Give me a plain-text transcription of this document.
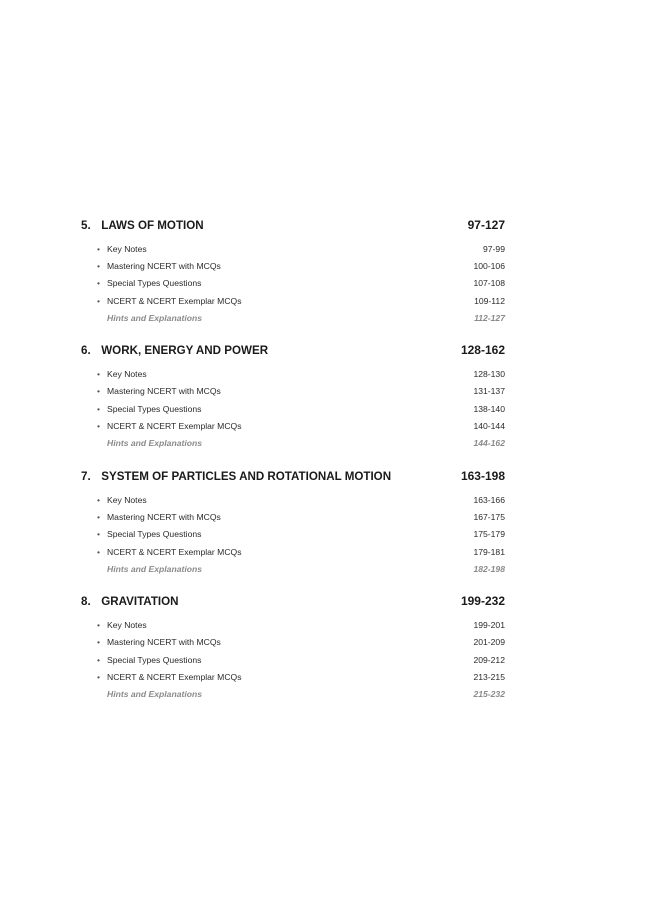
5. LAWS OF MOTION	97-127
• Key Notes	97-99
• Mastering NCERT with MCQs	100-106
• Special Types Questions	107-108
• NCERT & NCERT Exemplar MCQs	109-112
Hints and Explanations	112-127
6. WORK, ENERGY AND POWER	128-162
• Key Notes	128-130
• Mastering NCERT with MCQs	131-137
• Special Types Questions	138-140
• NCERT & NCERT Exemplar MCQs	140-144
Hints and Explanations	144-162
7. SYSTEM OF PARTICLES AND ROTATIONAL MOTION	163-198
• Key Notes	163-166
• Mastering NCERT with MCQs	167-175
• Special Types Questions	175-179
• NCERT & NCERT Exemplar MCQs	179-181
Hints and Explanations	182-198
8. GRAVITATION	199-232
• Key Notes	199-201
• Mastering NCERT with MCQs	201-209
• Special Types Questions	209-212
• NCERT & NCERT Exemplar MCQs	213-215
Hints and Explanations	215-232
